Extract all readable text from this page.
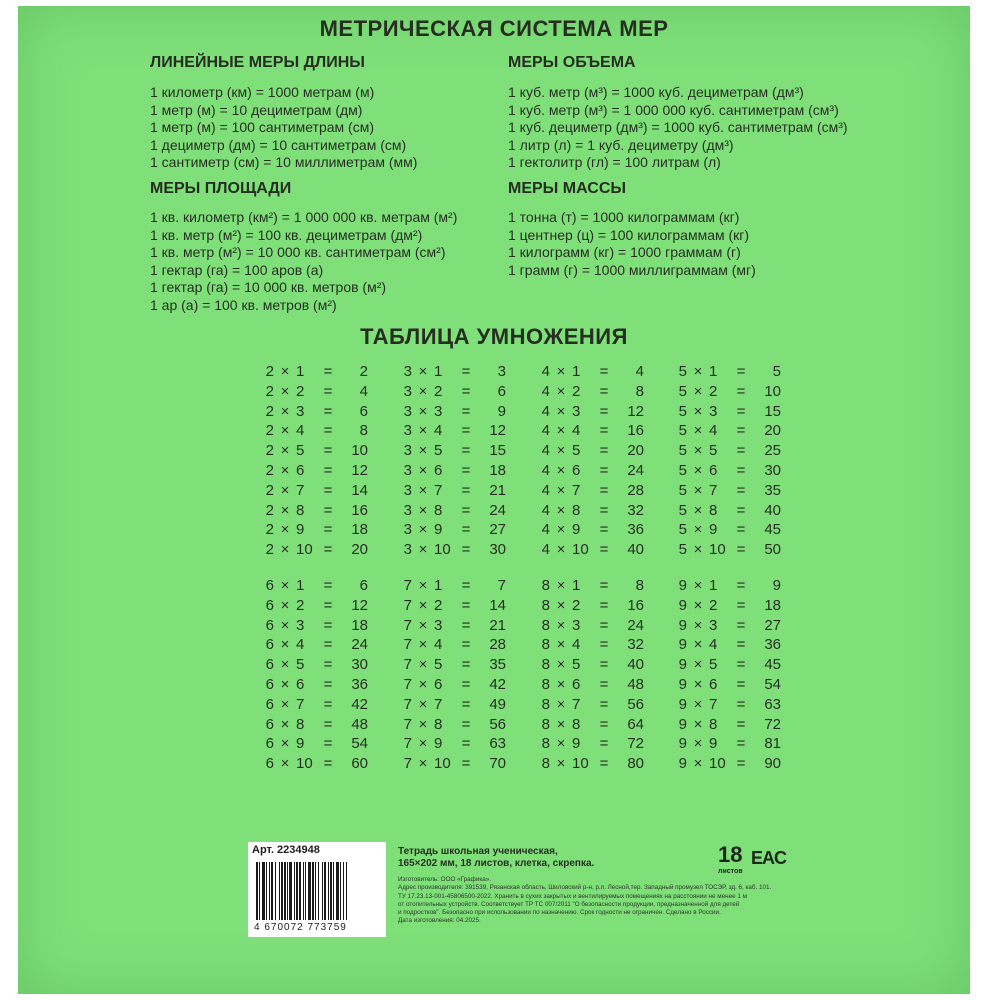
МЕТРИЧЕСКАЯ СИСТЕМА МЕР
ЛИНЕЙНЫЕ МЕРЫ ДЛИНЫ
1 километр (км) = 1000 метрам (м)
1 метр (м) = 10 дециметрам (дм)
1 метр (м) = 100 сантиметрам (см)
1 дециметр (дм) = 10 сантиметрам (см)
1 сантиметр (см) = 10 миллиметрам (мм)
МЕРЫ ПЛОЩАДИ
1 кв. километр (км²) = 1 000 000 кв. метрам (м²)
1 кв. метр (м²) = 100 кв. дециметрам (дм²)
1 кв. метр (м²) = 10 000 кв. сантиметрам (см²)
1 гектар (га) = 100 аров (а)
1 гектар (га) = 10 000 кв. метров (м²)
1 ар (а) = 100 кв. метров (м²)
МЕРЫ ОБЪЕМА
1 куб. метр (м³) = 1000 куб. дециметрам (дм³)
1 куб. метр (м³) = 1 000 000 куб. сантиметрам (см³)
1 куб. дециметр (дм³) = 1000 куб. сантиметрам (см³)
1 литр (л) = 1 куб. дециметру (дм³)
1 гектолитр (гл) = 100 литрам (л)
МЕРЫ МАССЫ
1 тонна (т) = 1000 килограммам (кг)
1 центнер (ц) = 100 килограммам (кг)
1 килограмм (кг) = 1000 граммам (г)
1 грамм (г) = 1000 миллиграммам (мг)
ТАБЛИЦА УМНОЖЕНИЯ
2 × 1	=	2
2 × 2	=	4
2 × 3	=	6
2 × 4	=	8
2 × 5	=	10
2 × 6	=	12
2 × 7	=	14
2 × 8	=	16
2 × 9	=	18
2 × 10 =	20
3 × 1	=	3
3 × 2	=	6
3 × 3	=	9
3 × 4	=	12
3 × 5	=	15
3 × 6	=	18
3 × 7	=	21
3 × 8	=	24
3 × 9	=	27
3 × 10 =	30
4 × 1	=	4
4 × 2	=	8
4 × 3	=	12
4 × 4	=	16
4 × 5	=	20
4 × 6	=	24
4 × 7	=	28
4 × 8	=	32
4 × 9	=	36
4 × 10 =	40
5 × 1	=	5
5 × 2	=	10
5 × 3	=	15
5 × 4	=	20
5 × 5	=	25
5 × 6	=	30
5 × 7	=	35
5 × 8	=	40
5 × 9	=	45
5 × 10 =	50
6 × 1	=	6
6 × 2	=	12
6 × 3	=	18
6 × 4	=	24
6 × 5	=	30
6 × 6	=	36
6 × 7	=	42
6 × 8	=	48
6 × 9	=	54
6 × 10 =	60
7 × 1	=	7
7 × 2	=	14
7 × 3	=	21
7 × 4	=	28
7 × 5	=	35
7 × 6	=	42
7 × 7	=	49
7 × 8	=	56
7 × 9	=	63
7 × 10 =	70
8 × 1	=	8
8 × 2	=	16
8 × 3	=	24
8 × 4	=	32
8 × 5	=	40
8 × 6	=	48
8 × 7	=	56
8 × 8	=	64
8 × 9	=	72
8 × 10 =	80
9 × 1	=	9
9 × 2	=	18
9 × 3	=	27
9 × 4	=	36
9 × 5	=	45
9 × 6	=	54
9 × 7	=	63
9 × 8	=	72
9 × 9	=	81
9 × 10 =	90
Арт. 2234948
4 670072 773759
Тетрадь школьная ученическая,
165×202 мм, 18 листов, клетка, скрепка.
Изготовитель: ООО «Графика».
Адрес производителя: 391539, Рязанская область, Шиловский р-н, р.п. Лесной,тер. Западный промузел ТОСЭР, зд. 6, каб. 101.
ТУ 17.23.13-001-45806500-2022. Хранить в сухих закрытых и вентилируемых помещениях на расстоянии не менее 1 м
от отопительных устройств. Соответствует ТР ТС 007/2011 "О безопасности продукции, предназначенной для детей
и подростков". Безопасно при использовании по назначению. Срок годности не ограничен. Сделано в России.
Дата изготовления: 04.2025.
18
листов
EAC
